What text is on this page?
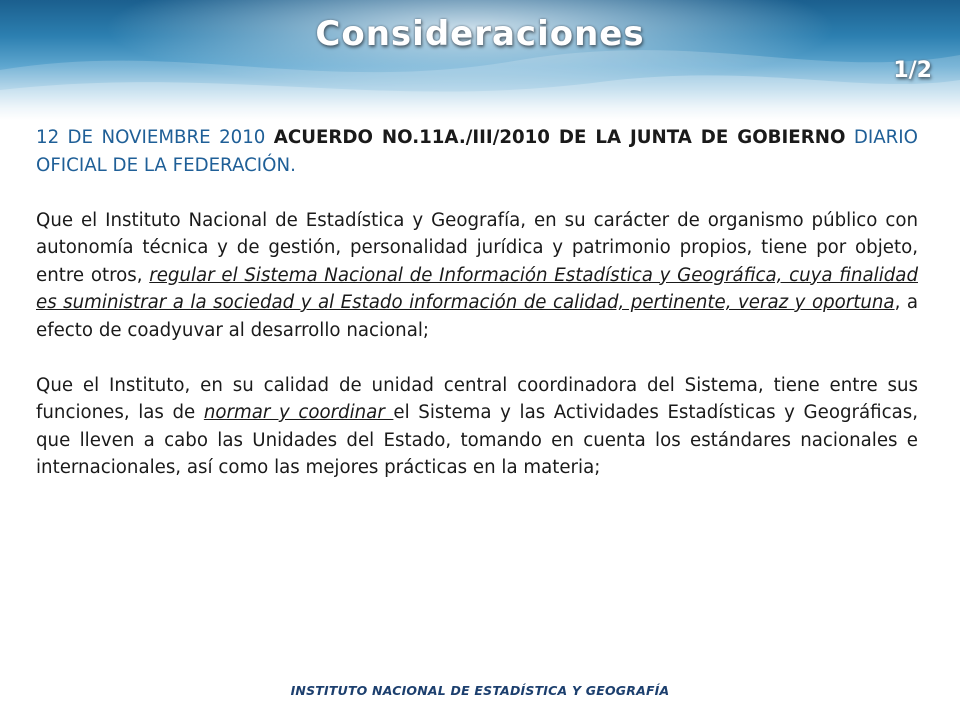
Consideraciones
1/2

12 DE NOVIEMBRE 2010 ACUERDO NO.11A./III/2010 DE LA JUNTA DE GOBIERNO DIARIO OFICIAL DE LA FEDERACIÓN.

Que el Instituto Nacional de Estadística y Geografía, en su carácter de organismo público con autonomía técnica y de gestión, personalidad jurídica y patrimonio propios, tiene por objeto, entre otros, regular el Sistema Nacional de Información Estadística y Geográfica, cuya finalidad es suministrar a la sociedad y al Estado información de calidad, pertinente, veraz y oportuna, a efecto de coadyuvar al desarrollo nacional;

Que el Instituto, en su calidad de unidad central coordinadora del Sistema, tiene entre sus funciones, las de normar y coordinar el Sistema y las Actividades Estadísticas y Geográficas, que lleven a cabo las Unidades del Estado, tomando en cuenta los estándares nacionales e internacionales, así como las mejores prácticas en la materia;

INSTITUTO NACIONAL DE ESTADÍSTICA Y GEOGRAFÍA
